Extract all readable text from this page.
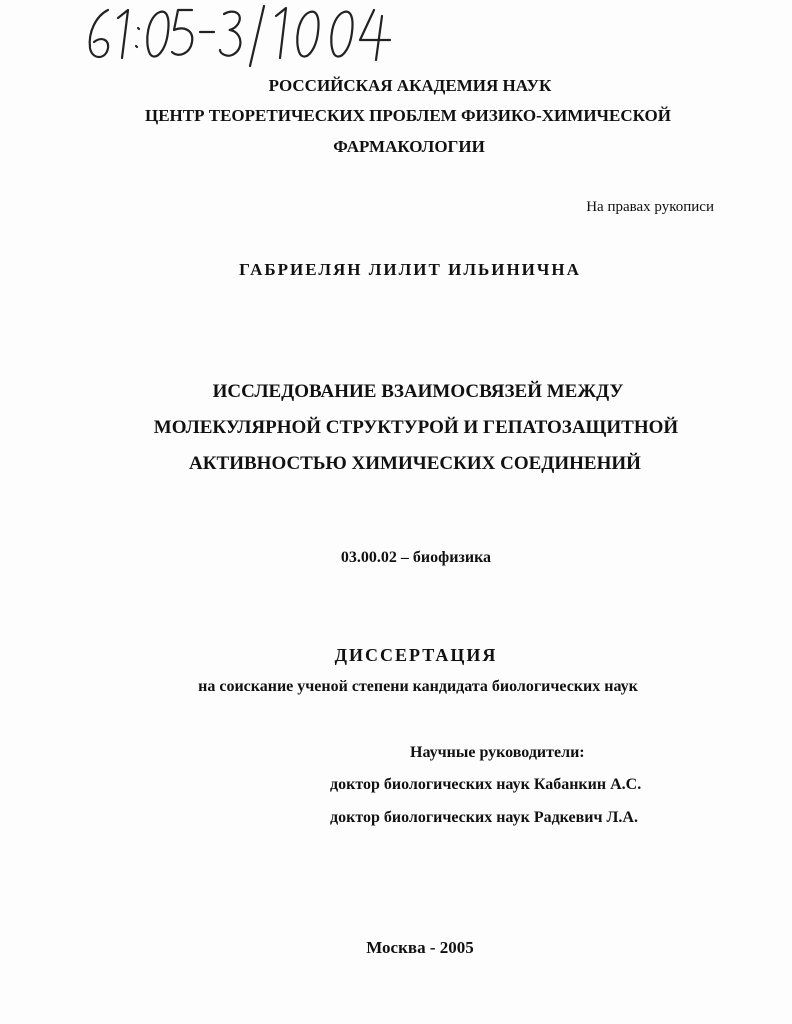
РОССИЙСКАЯ АКАДЕМИЯ НАУК
ЦЕНТР ТЕОРЕТИЧЕСКИХ ПРОБЛЕМ ФИЗИКО-ХИМИЧЕСКОЙ
ФАРМАКОЛОГИИ
На правах рукописи
ГАБРИЕЛЯН ЛИЛИТ ИЛЬИНИЧНА
ИССЛЕДОВАНИЕ ВЗАИМОСВЯЗЕЙ МЕЖДУ
МОЛЕКУЛЯРНОЙ СТРУКТУРОЙ И ГЕПАТОЗАЩИТНОЙ
АКТИВНОСТЬЮ ХИМИЧЕСКИХ СОЕДИНЕНИЙ
03.00.02 – биофизика
ДИССЕРТАЦИЯ
на соискание ученой степени кандидата биологических наук
Научные руководители:
доктор биологических наук Кабанкин А.С.
доктор биологических наук Радкевич Л.А.
Москва - 2005
